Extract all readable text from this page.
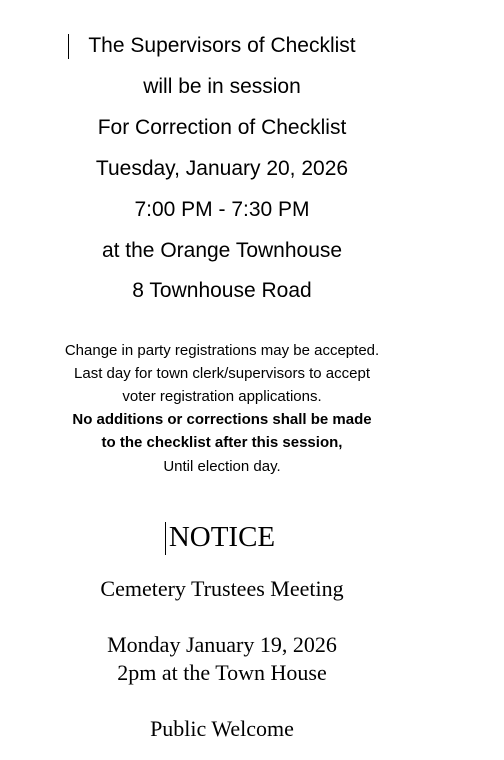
The Supervisors of Checklist
will be in session
For Correction of Checklist
Tuesday, January 20, 2026
7:00 PM - 7:30 PM
at the Orange Townhouse
8 Townhouse Road
Change in party registrations may be accepted.
Last day for town clerk/supervisors to accept
voter registration applications.
No additions or corrections shall be made
to the checklist after this session,
Until election day.
NOTICE
Cemetery Trustees Meeting
Monday January 19, 2026
2pm at the Town House
Public Welcome
